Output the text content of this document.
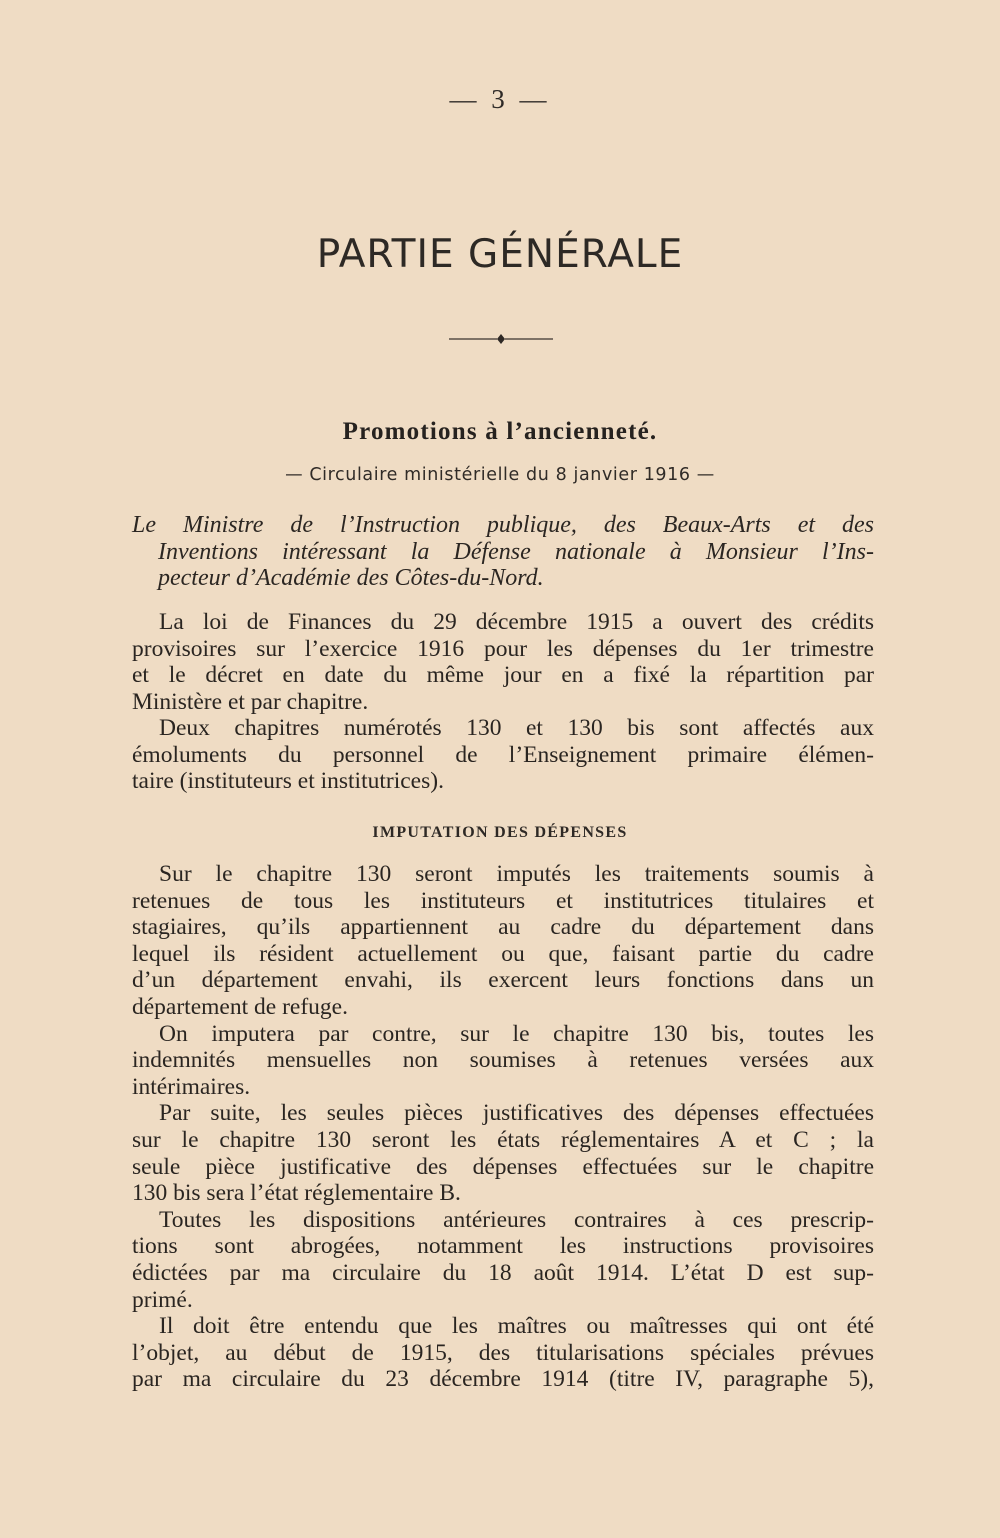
— 3 —
PARTIE GÉNÉRALE
Promotions à l’ancienneté.
— Circulaire ministérielle du 8 janvier 1916 —
Le Ministre de l’Instruction publique, des Beaux-Arts et des
Inventions intéressant la Défense nationale à Monsieur l’Ins-
pecteur d’Académie des Côtes-du-Nord.
La loi de Finances du 29 décembre 1915 a ouvert des crédits
provisoires sur l’exercice 1916 pour les dépenses du 1er trimestre
et le décret en date du même jour en a fixé la répartition par
Ministère et par chapitre.
Deux chapitres numérotés 130 et 130 bis sont affectés aux
émoluments du personnel de l’Enseignement primaire élémen-
taire (instituteurs et institutrices).
IMPUTATION DES DÉPENSES
Sur le chapitre 130 seront imputés les traitements soumis à
retenues de tous les instituteurs et institutrices titulaires et
stagiaires, qu’ils appartiennent au cadre du département dans
lequel ils résident actuellement ou que, faisant partie du cadre
d’un département envahi, ils exercent leurs fonctions dans un
département de refuge.
On imputera par contre, sur le chapitre 130 bis, toutes les
indemnités mensuelles non soumises à retenues versées aux
intérimaires.
Par suite, les seules pièces justificatives des dépenses effectuées
sur le chapitre 130 seront les états réglementaires A et C ; la
seule pièce justificative des dépenses effectuées sur le chapitre
130 bis sera l’état réglementaire B.
Toutes les dispositions antérieures contraires à ces prescrip-
tions sont abrogées, notamment les instructions provisoires
édictées par ma circulaire du 18 août 1914. L’état D est sup-
primé.
Il doit être entendu que les maîtres ou maîtresses qui ont été
l’objet, au début de 1915, des titularisations spéciales prévues
par ma circulaire du 23 décembre 1914 (titre IV, paragraphe 5),
